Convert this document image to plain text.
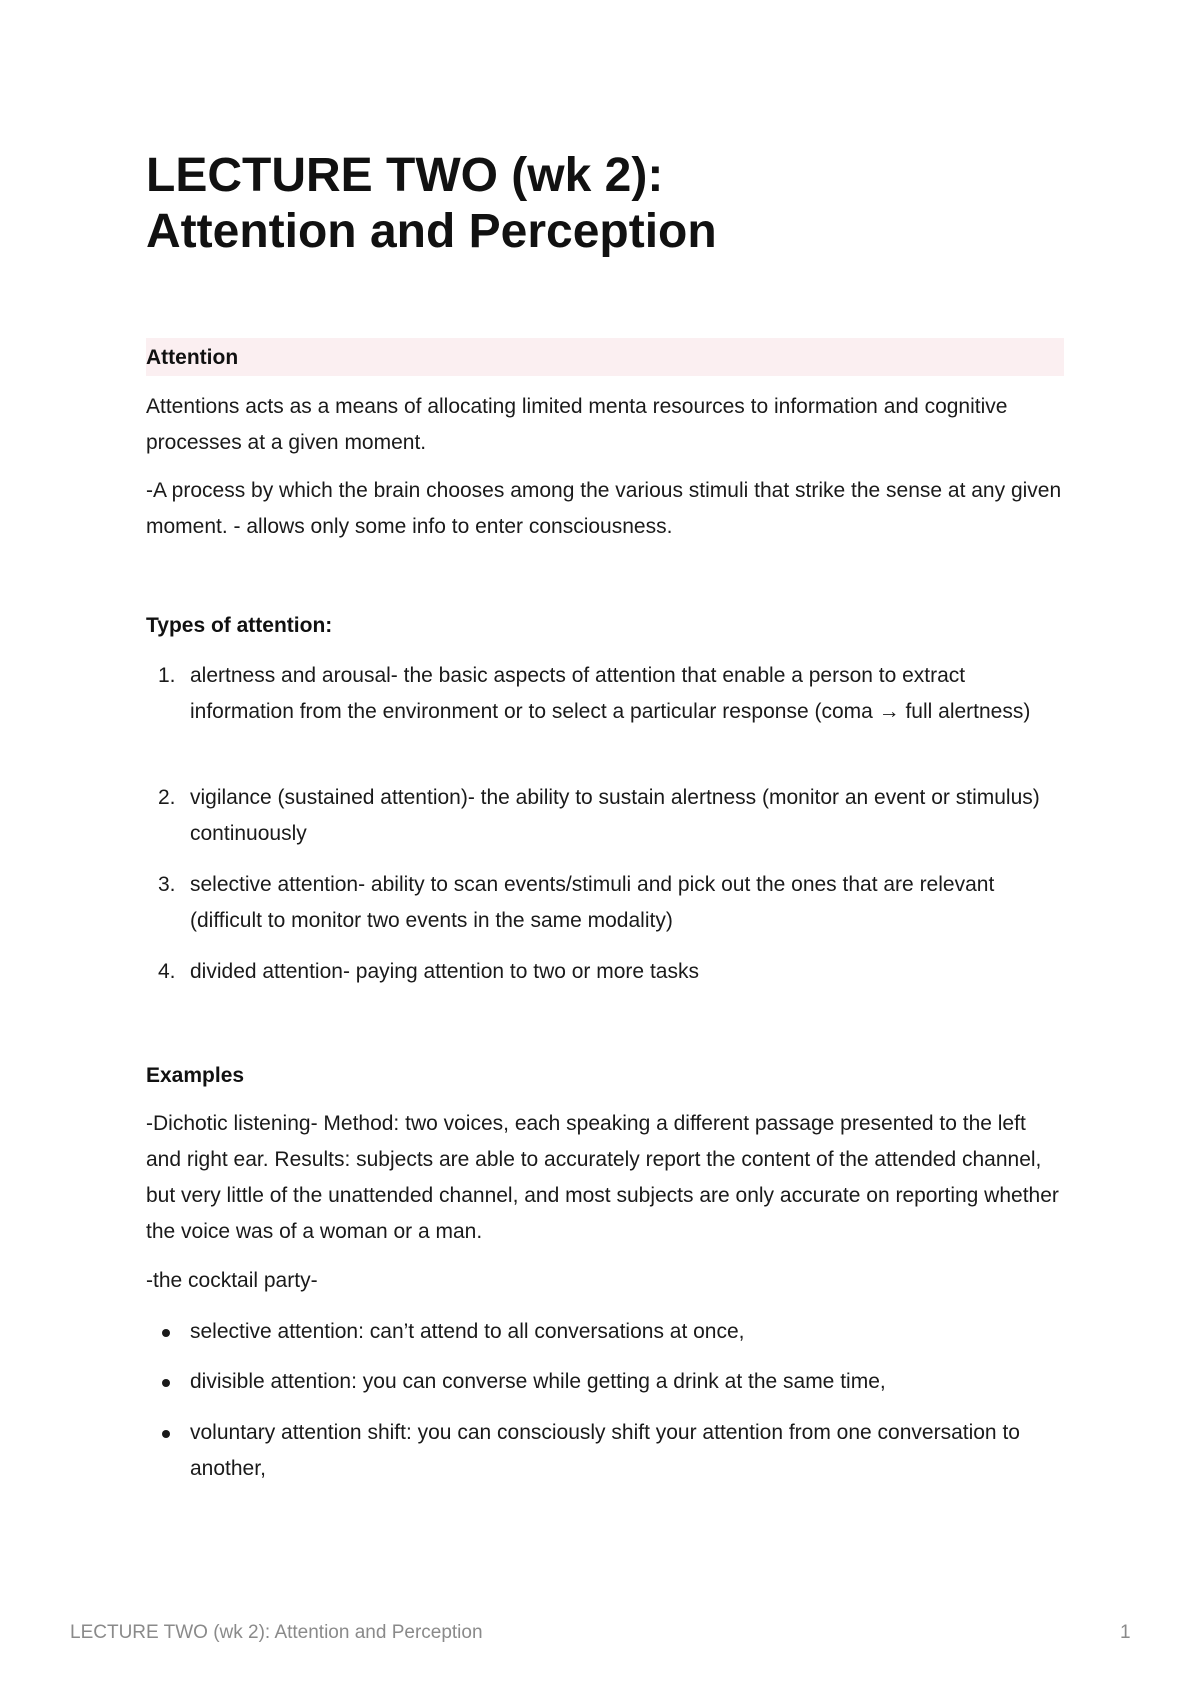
LECTURE TWO (wk 2):
Attention and Perception
Attention

Attentions acts as a means of allocating limited menta resources to information and cognitive processes at a given moment.

-A process by which the brain chooses among the various stimuli that strike the sense at any given moment. - allows only some info to enter consciousness.

Types of attention:
1. alertness and arousal- the basic aspects of attention that enable a person to extract information from the environment or to select a particular response (coma → full alertness)
2. vigilance (sustained attention)- the ability to sustain alertness (monitor an event or stimulus) continuously
3. selective attention- ability to scan events/stimuli and pick out the ones that are relevant (difficult to monitor two events in the same modality)
4. divided attention- paying attention to two or more tasks
Examples

-Dichotic listening- Method: two voices, each speaking a different passage presented to the left and right ear. Results: subjects are able to accurately report the content of the attended channel, but very little of the unattended channel, and most subjects are only accurate on reporting whether the voice was of a woman or a man.

-the cocktail party-

selective attention: can’t attend to all conversations at once,
divisible attention: you can converse while getting a drink at the same time,
voluntary attention shift: you can consciously shift your attention from one conversation to another,
LECTURE TWO (wk 2): Attention and Perception	1
